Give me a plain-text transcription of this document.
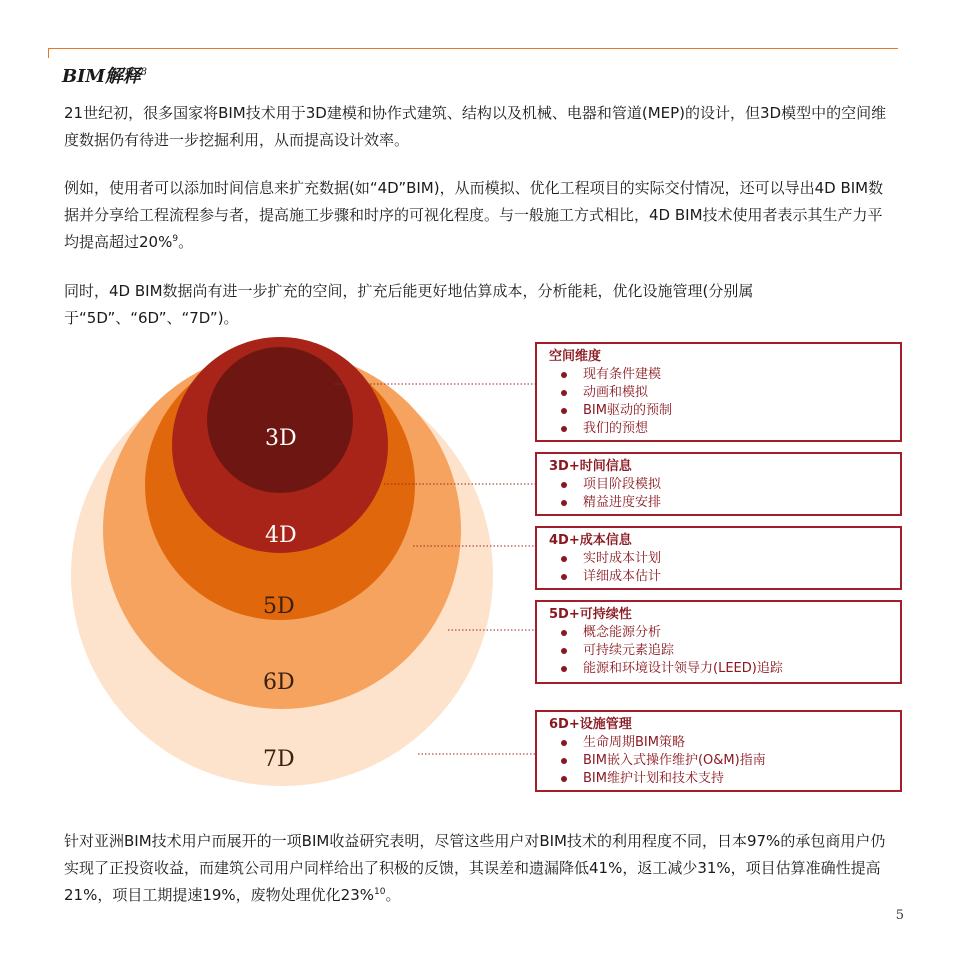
BIM解释$^8$
21世纪初，很多国家将BIM技术用于3D建模和协作式建筑、结构以及机械、电器和管道(MEP)的设计，但3D模型中的空间维度数据仍有待进一步挖掘利用，从而提高设计效率。
例如，使用者可以添加时间信息来扩充数据(如“4D”BIM)，从而模拟、优化工程项目的实际交付情况，还可以导出4D BIM数据并分享给工程流程参与者，提高施工步骤和时序的可视化程度。与一般施工方式相比，4D BIM技术使用者表示其生产力平均提高超过20%$^9$。
同时，4D BIM数据尚有进一步扩充的空间，扩充后能更好地估算成本，分析能耗，优化设施管理(分别属于“5D”、“6D”、“7D”)。
3D
4D
5D
6D
7D
空间维度
现有条件建模
动画和模拟
BIM驱动的预制
我们的预想
3D+时间信息
项目阶段模拟
精益进度安排
4D+成本信息
实时成本计划
详细成本估计
5D+可持续性
概念能源分析
可持续元素追踪
能源和环境设计领导力(LEED)追踪
6D+设施管理
生命周期BIM策略
BIM嵌入式操作维护(O&M)指南
BIM维护计划和技术支持
针对亚洲BIM技术用户而展开的一项BIM收益研究表明，尽管这些用户对BIM技术的利用程度不同，日本97%的承包商用户仍实现了正投资收益，而建筑公司用户同样给出了积极的反馈，其误差和遗漏降低41%，返工减少31%，项目估算准确性提高21%，项目工期提速19%，废物处理优化23%$^{10}$。
5
